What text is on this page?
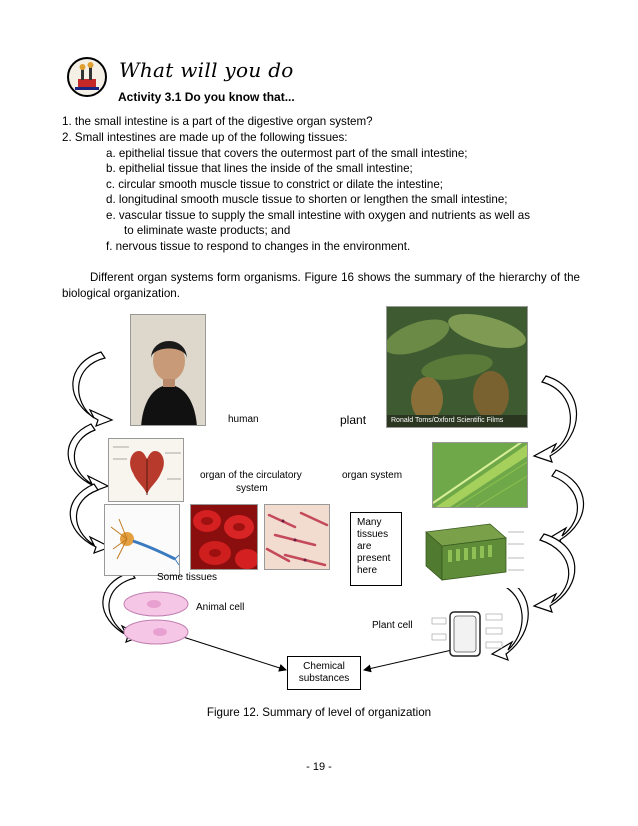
What will you do
Activity 3.1 Do you know that...
1. the small intestine is a part of the digestive organ system?
2. Small intestines are made up of the following tissues:
a. epithelial tissue that covers the outermost part of the small intestine;
b. epithelial tissue that lines the inside of the small intestine;
c. circular smooth muscle tissue to constrict or dilate the intestine;
d. longitudinal smooth muscle tissue to shorten or lengthen the small intestine;
e. vascular tissue to supply the small intestine with oxygen and nutrients as well as
to eliminate waste products; and
f. nervous tissue to respond to changes in the environment.
Different organ systems form organisms. Figure 16 shows the summary of the hierarchy of the biological organization.
human	plant	Ronald Toms/Oxford Scientific Films
organ of the circulatory
system
organ system
Many
tissues
are
present
here
Some tissues
Animal cell
Plant cell
Chemical
substances
Figure 12. Summary of level of organization
- 19 -
